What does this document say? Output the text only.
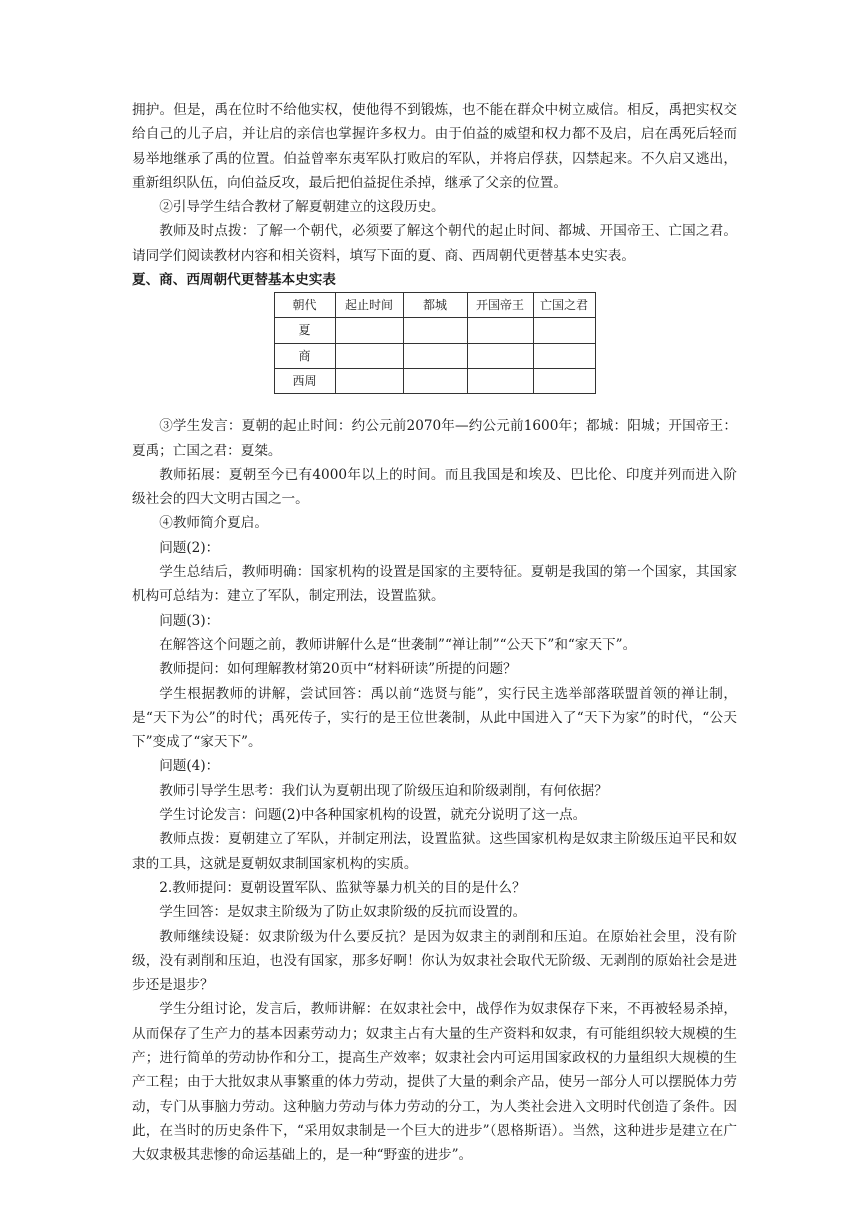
拥护。但是，禹在位时不给他实权，使他得不到锻炼，也不能在群众中树立威信。相反，禹把实权交给自己的儿子启，并让启的亲信也掌握许多权力。由于伯益的威望和权力都不及启，启在禹死后轻而易举地继承了禹的位置。伯益曾率东夷军队打败启的军队，并将启俘获，囚禁起来。不久启又逃出，重新组织队伍，向伯益反攻，最后把伯益捉住杀掉，继承了父亲的位置。

②引导学生结合教材了解夏朝建立的这段历史。

教师及时点拨：了解一个朝代，必须要了解这个朝代的起止时间、都城、开国帝王、亡国之君。请同学们阅读教材内容和相关资料，填写下面的夏、商、西周朝代更替基本史实表。

夏、商、西周朝代更替基本史实表

朝代	起止时间	都城	开国帝王	亡国之君
夏				
商				
西周				

③学生发言：夏朝的起止时间：约公元前2070年—约公元前1600年；都城：阳城；开国帝王：夏禹；亡国之君：夏桀。

教师拓展：夏朝至今已有4000年以上的时间。而且我国是和埃及、巴比伦、印度并列而进入阶级社会的四大文明古国之一。

④教师简介夏启。

问题(2)：

学生总结后，教师明确：国家机构的设置是国家的主要特征。夏朝是我国的第一个国家，其国家机构可总结为：建立了军队，制定刑法，设置监狱。

问题(3)：

在解答这个问题之前，教师讲解什么是“世袭制”“禅让制”“公天下”和“家天下”。

教师提问：如何理解教材第20页中“材料研读”所提的问题？

学生根据教师的讲解，尝试回答：禹以前“选贤与能”，实行民主选举部落联盟首领的禅让制，是“天下为公”的时代；禹死传子，实行的是王位世袭制，从此中国进入了“天下为家”的时代，“公天下”变成了“家天下”。

问题(4)：

教师引导学生思考：我们认为夏朝出现了阶级压迫和阶级剥削，有何依据？

学生讨论发言：问题(2)中各种国家机构的设置，就充分说明了这一点。

教师点拨：夏朝建立了军队，并制定刑法，设置监狱。这些国家机构是奴隶主阶级压迫平民和奴隶的工具，这就是夏朝奴隶制国家机构的实质。

2.教师提问：夏朝设置军队、监狱等暴力机关的目的是什么？

学生回答：是奴隶主阶级为了防止奴隶阶级的反抗而设置的。

教师继续设疑：奴隶阶级为什么要反抗？是因为奴隶主的剥削和压迫。在原始社会里，没有阶级，没有剥削和压迫，也没有国家，那多好啊！你认为奴隶社会取代无阶级、无剥削的原始社会是进步还是退步？

学生分组讨论，发言后，教师讲解：在奴隶社会中，战俘作为奴隶保存下来，不再被轻易杀掉，从而保存了生产力的基本因素劳动力；奴隶主占有大量的生产资料和奴隶，有可能组织较大规模的生产；进行简单的劳动协作和分工，提高生产效率；奴隶社会内可运用国家政权的力量组织大规模的生产工程；由于大批奴隶从事繁重的体力劳动，提供了大量的剩余产品，使另一部分人可以摆脱体力劳动，专门从事脑力劳动。这种脑力劳动与体力劳动的分工，为人类社会进入文明时代创造了条件。因此，在当时的历史条件下，“采用奴隶制是一个巨大的进步”（恩格斯语）。当然，这种进步是建立在广大奴隶极其悲惨的命运基础上的，是一种“野蛮的进步”。
